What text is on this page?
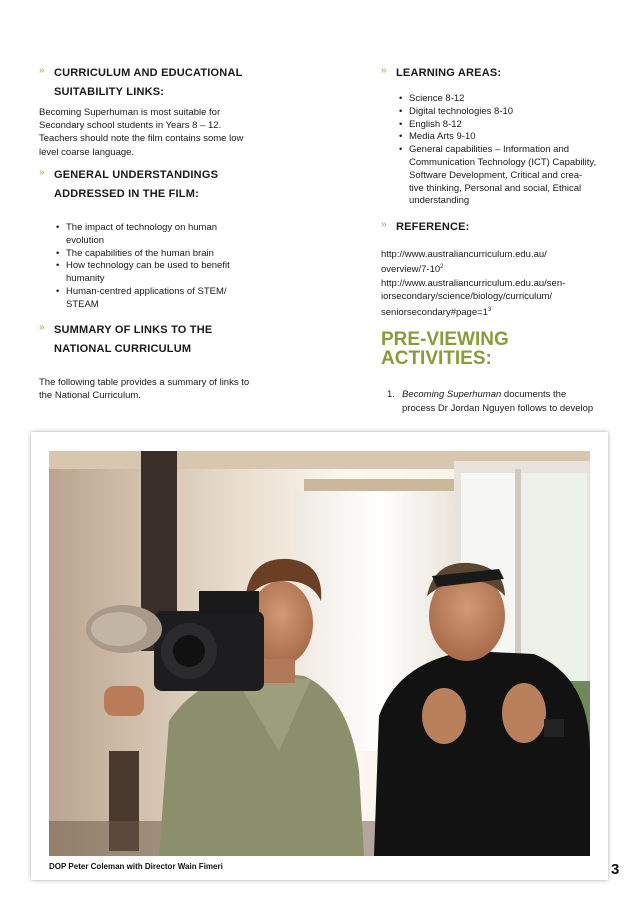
» CURRICULUM AND EDUCATIONAL
SUITABILITY LINKS:
Becoming Superhuman is most suitable for
Secondary school students in Years 8 – 12.
Teachers should note the film contains some low
level coarse language.
» GENERAL UNDERSTANDINGS
ADDRESSED IN THE FILM:
• The impact of technology on human
evolution
• The capabilities of the human brain
• How technology can be used to benefit
humanity
• Human-centred applications of STEM/
STEAM
» SUMMARY OF LINKS TO THE
NATIONAL CURRICULUM
The following table provides a summary of links to
the National Curriculum.
» LEARNING AREAS:
• Science 8-12
• Digital technologies 8-10
• English 8-12
• Media Arts 9-10
• General capabilities – Information and
Communication Technology (ICT) Capability,
Software Development, Critical and crea-
tive thinking, Personal and social, Ethical
understanding
» REFERENCE:
http://www.australiancurriculum.edu.au/
overview/$7-10^2$
http://www.australiancurriculum.edu.au/sen-
iorsecondary/science/biology/curriculum/
$seniorsecondary\#page=1^3$
PRE-VIEWING
ACTIVITIES:
1. Becoming Superhuman documents the
process Dr Jordan Nguyen follows to develop
DOP Peter Coleman with Director Wain Fimeri	3
